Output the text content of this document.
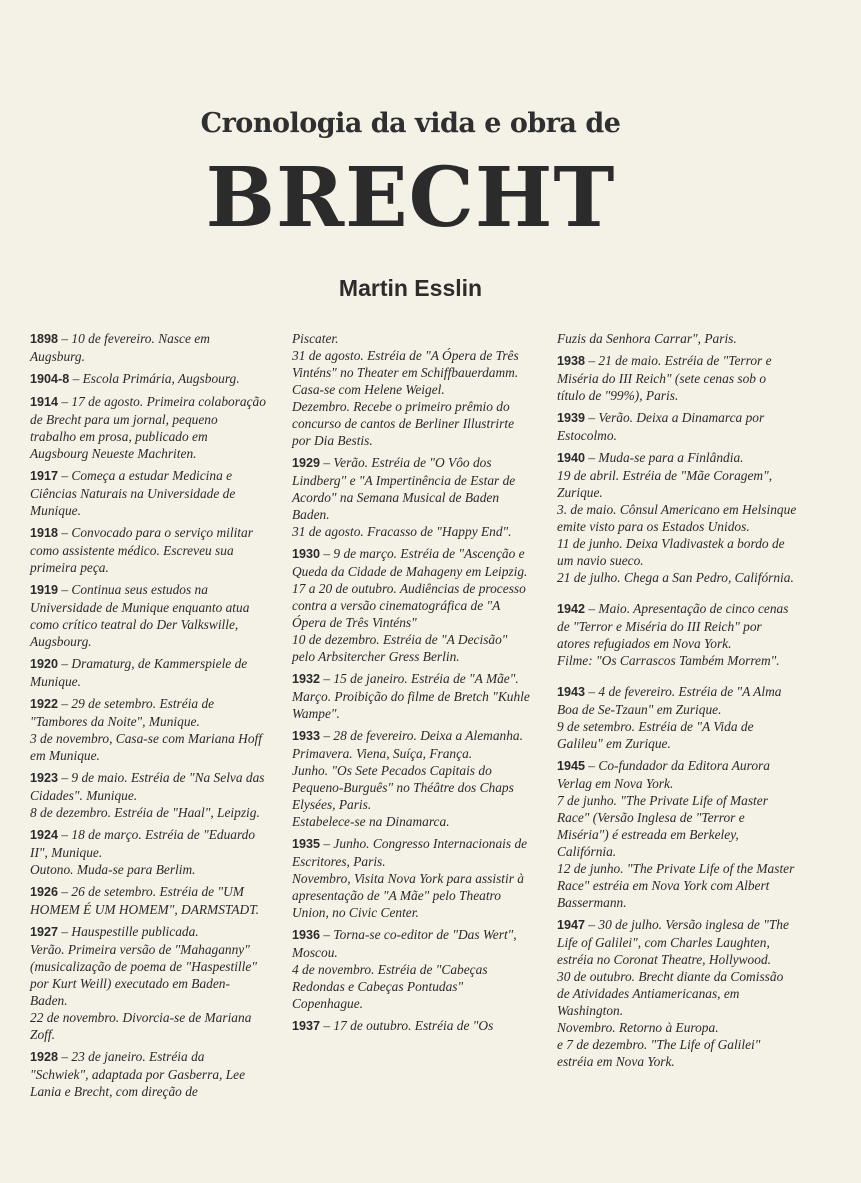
Cronologia da vida e obra de
BRECHT
Martin Esslin

1898 – 10 de fevereiro. Nasce em Augsburg.

1904-8 – Escola Primária, Augsbourg.

1914 – 17 de agosto. Primeira colaboração de Brecht para um jornal, pequeno trabalho em prosa, publicado em Augsbourg Neueste Machriten.

1917 – Começa a estudar Medicina e Ciências Naturais na Universidade de Munique.

1918 – Convocado para o serviço militar como assistente médico. Escreveu sua primeira peça.

1919 – Continua seus estudos na Universidade de Munique enquanto atua como crítico teatral do Der Valkswille, Augsbourg.

1920 – Dramaturg, de Kammerspiele de Munique.

1922 – 29 de setembro. Estréia de "Tambores da Noite", Munique.

3 de novembro, Casa-se com Mariana Hoff em Munique.

1923 – 9 de maio. Estréia de "Na Selva das Cidades". Munique.

8 de dezembro. Estréia de "Haal", Leipzig.

1924 – 18 de março. Estréia de "Eduardo II", Munique.

Outono. Muda-se para Berlim.

1926 – 26 de setembro. Estréia de "UM HOMEM É UM HOMEM", DARMSTADT.

1927 – Hauspestille publicada.

Verão. Primeira versão de "Mahaganny" (musicalização de poema de "Haspestille" por Kurt Weill) executado em Baden-Baden.

22 de novembro. Divorcia-se de Mariana Zoff.

1928 – 23 de janeiro. Estréia da "Schwiek", adaptada por Gasberra, Lee Lania e Brecht, com direção de

Piscater.

31 de agosto. Estréia de "A Ópera de Três Vinténs" no Theater em Schiffbauerdamm.

Casa-se com Helene Weigel.

Dezembro. Recebe o primeiro prêmio do concurso de cantos de Berliner Illustrirte por Dia Bestis.

1929 – Verão. Estréia de "O Vôo dos Lindberg" e "A Impertinência de Estar de Acordo" na Semana Musical de Baden Baden.

31 de agosto. Fracasso de "Happy End".

1930 – 9 de março. Estréia de "Ascenção e Queda da Cidade de Mahageny em Leipzig.

17 a 20 de outubro. Audiências de processo contra a versão cinematográfica de "A Ópera de Três Vinténs"

10 de dezembro. Estréia de "A Decisão" pelo Arbsitercher Gress Berlin.

1932 – 15 de janeiro. Estréia de "A Mãe".

Março. Proibição do filme de Bretch "Kuhle Wampe".

1933 – 28 de fevereiro. Deixa a Alemanha.

Primavera. Viena, Suíça, França.

Junho. "Os Sete Pecados Capitais do Pequeno-Burguês" no Théâtre dos Chaps Elysées, Paris.

Estabelece-se na Dinamarca.

1935 – Junho. Congresso Internacionais de Escritores, Paris.

Novembro, Visita Nova York para assistir à apresentação de "A Mãe" pelo Theatro Union, no Civic Center.

1936 – Torna-se co-editor de "Das Wert", Moscou.

4 de novembro. Estréia de "Cabeças Redondas e Cabeças Pontudas" Copenhague.

1937 – 17 de outubro. Estréia de "Os

Fuzis da Senhora Carrar", Paris.

1938 – 21 de maio. Estréia de "Terror e Miséria do III Reich" (sete cenas sob o título de "99%), Paris.

1939 – Verão. Deixa a Dinamarca por Estocolmo.

1940 – Muda-se para a Finlândia.

19 de abril. Estréia de "Mãe Coragem", Zurique.

3. de maio. Cônsul Americano em Helsinque emite visto para os Estados Unidos.

11 de junho. Deixa Vladivastek a bordo de um navio sueco.

21 de julho. Chega a San Pedro, Califórnia.

1942 – Maio. Apresentação de cinco cenas de "Terror e Miséria do III Reich" por atores refugiados em Nova York.

Filme: "Os Carrascos Também Morrem".

1943 – 4 de fevereiro. Estréia de "A Alma Boa de Se-Tzaun" em Zurique.

9 de setembro. Estréia de "A Vida de Galileu" em Zurique.

1945 – Co-fundador da Editora Aurora Verlag em Nova York.

7 de junho. "The Private Life of Master Race" (Versão Inglesa de "Terror e Miséria") é estreada em Berkeley, Califórnia.

12 de junho. "The Private Life of the Master Race" estréia em Nova York com Albert Bassermann.

1947 – 30 de julho. Versão inglesa de "The Life of Galilei", com Charles Laughten, estréia no Coronat Theatre, Hollywood.

30 de outubro. Brecht diante da Comissão de Atividades Antiamericanas, em Washington.

Novembro. Retorno à Europa.

e 7 de dezembro. "The Life of Galilei" estréia em Nova York.
